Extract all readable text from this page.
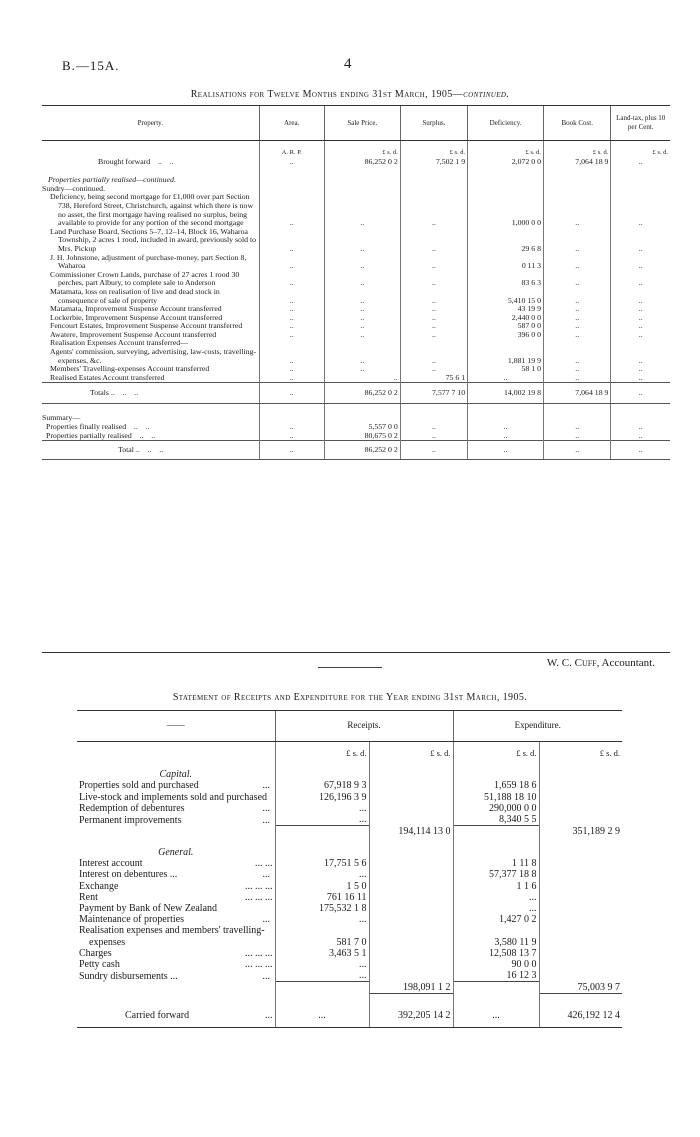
B.—15A.	4
Realisations for Twelve Months ending 31st March, 1905—continued.
Property.	Area.	Sale Price.	Surplus.	Deficiency.	Book Cost.	Land-tax, plus 10 per Cent.
	A. R. P.	£ s. d.	£ s. d.	£ s. d.	£ s. d.	£ s. d.
Brought forward    ..    ..	..	86,252 0 2	7,502 1 9	2,072 0 0	7,064 18 9	..

Properties partially realised—continued.						
Sundry—continued.						
Deficiency, being second mortgage for £1,000 over part Section 738, Hereford Street, Christchurch, against which there is now no asset, the first mortgage having realised no surplus, being available to provide for any portion of the second mortgage	..	..	..	1,000 0 0	..	..
Land Purchase Board, Sections 5–7, 12–14, Block 16, Waharoa Township, 2 acres 1 rood, included in award, previously sold to Mrs. Pickup	..	..	..	29 6 8	..	..
J. H. Johnstone, adjustment of purchase-money, part Section 8, Waharoa	..	..	..	0 11 3	..	..
Commissioner Crown Lands, purchase of 27 acres 1 rood 30 perches, part Albury, to complete sale to Anderson	..	..	..	83 6 3	..	..
Matamata, loss on realisation of live and dead stock in consequence of sale of property	..	..	..	5,410 15 0	..	..
Matamata, Improvement Suspense Account transferred	..	..	..	43 19 9	..	..
Lockerbie, Improvement Suspense Account transferred	..	..	..	2,440 0 0	..	..
Fencourt Estates, Improvement Suspense Account transferred	..	..	..	587 0 0	..	..
Awatere, Improvement Suspense Account transferred	..	..	..	396 0 0	..	..
Realisation Expenses Account transferred—						
Agents' commission, surveying, advertising, law-costs, travelling-expenses, &c.	..	..	..	1,881 19 9	..	..
Members' Travelling-expenses Account transferred	..	..	..	58 1 0	..	..
Realised Estates Account transferred	..	..	75 6 1	..	..	..
Totals ..    ..    ..	..	86,252 0 2	7,577 7 10	14,002 19 8	7,064 18 9	..

Summary—						
Properties finally realised    ..    ..	..	5,557 0 0	..	..	..	..
Properties partially realised    ..    ..	..	80,675 0 2	..	..	..	..
Total ..    ..    ..	..	86,252 0 2	..	..	..	..
W. C. Cuff, Accountant.
Statement of Receipts and Expenditure for the Year ending 31st March, 1905.
——	Receipts.		Expenditure.	
	£ s. d.	£ s. d.	£ s. d.	£ s. d.
Capital.				

...
Properties sold and purchased	67,918 9 3		1,659 18 6	

Live-stock and implements sold and purchased	126,196 3 9		51,188 18 10	

...
Redemption of debentures	...		290,000 0 0	

...
Permanent improvements	...		8,340 5 5	
		194,114 13 0		351,189 2 9
General.				

... ...
Interest account	17,751 5 6		1 11 8	

...
Interest on debentures ...	...		57,377 18 8	

... ... ...
Exchange	1 5 0		1 1 6	

... ... ...
Rent	761 16 11		...	

Payment by Bank of New Zealand	175,532 1 8		...	

...
Maintenance of properties	...		1,427 0 2	

Realisation expenses and members' travelling-expenses	581 7 0		3,580 11 9	

... ... ...
Charges	3,463 5 1		12,508 13 7	

... ... ...
Petty cash	...		90 0 0	

...
Sundry disbursements ...	...		16 12 3	
		198,091 1 2		75,003 9 7

...
Carried forward	...	392,205 14 2	...	426,192 12 4
